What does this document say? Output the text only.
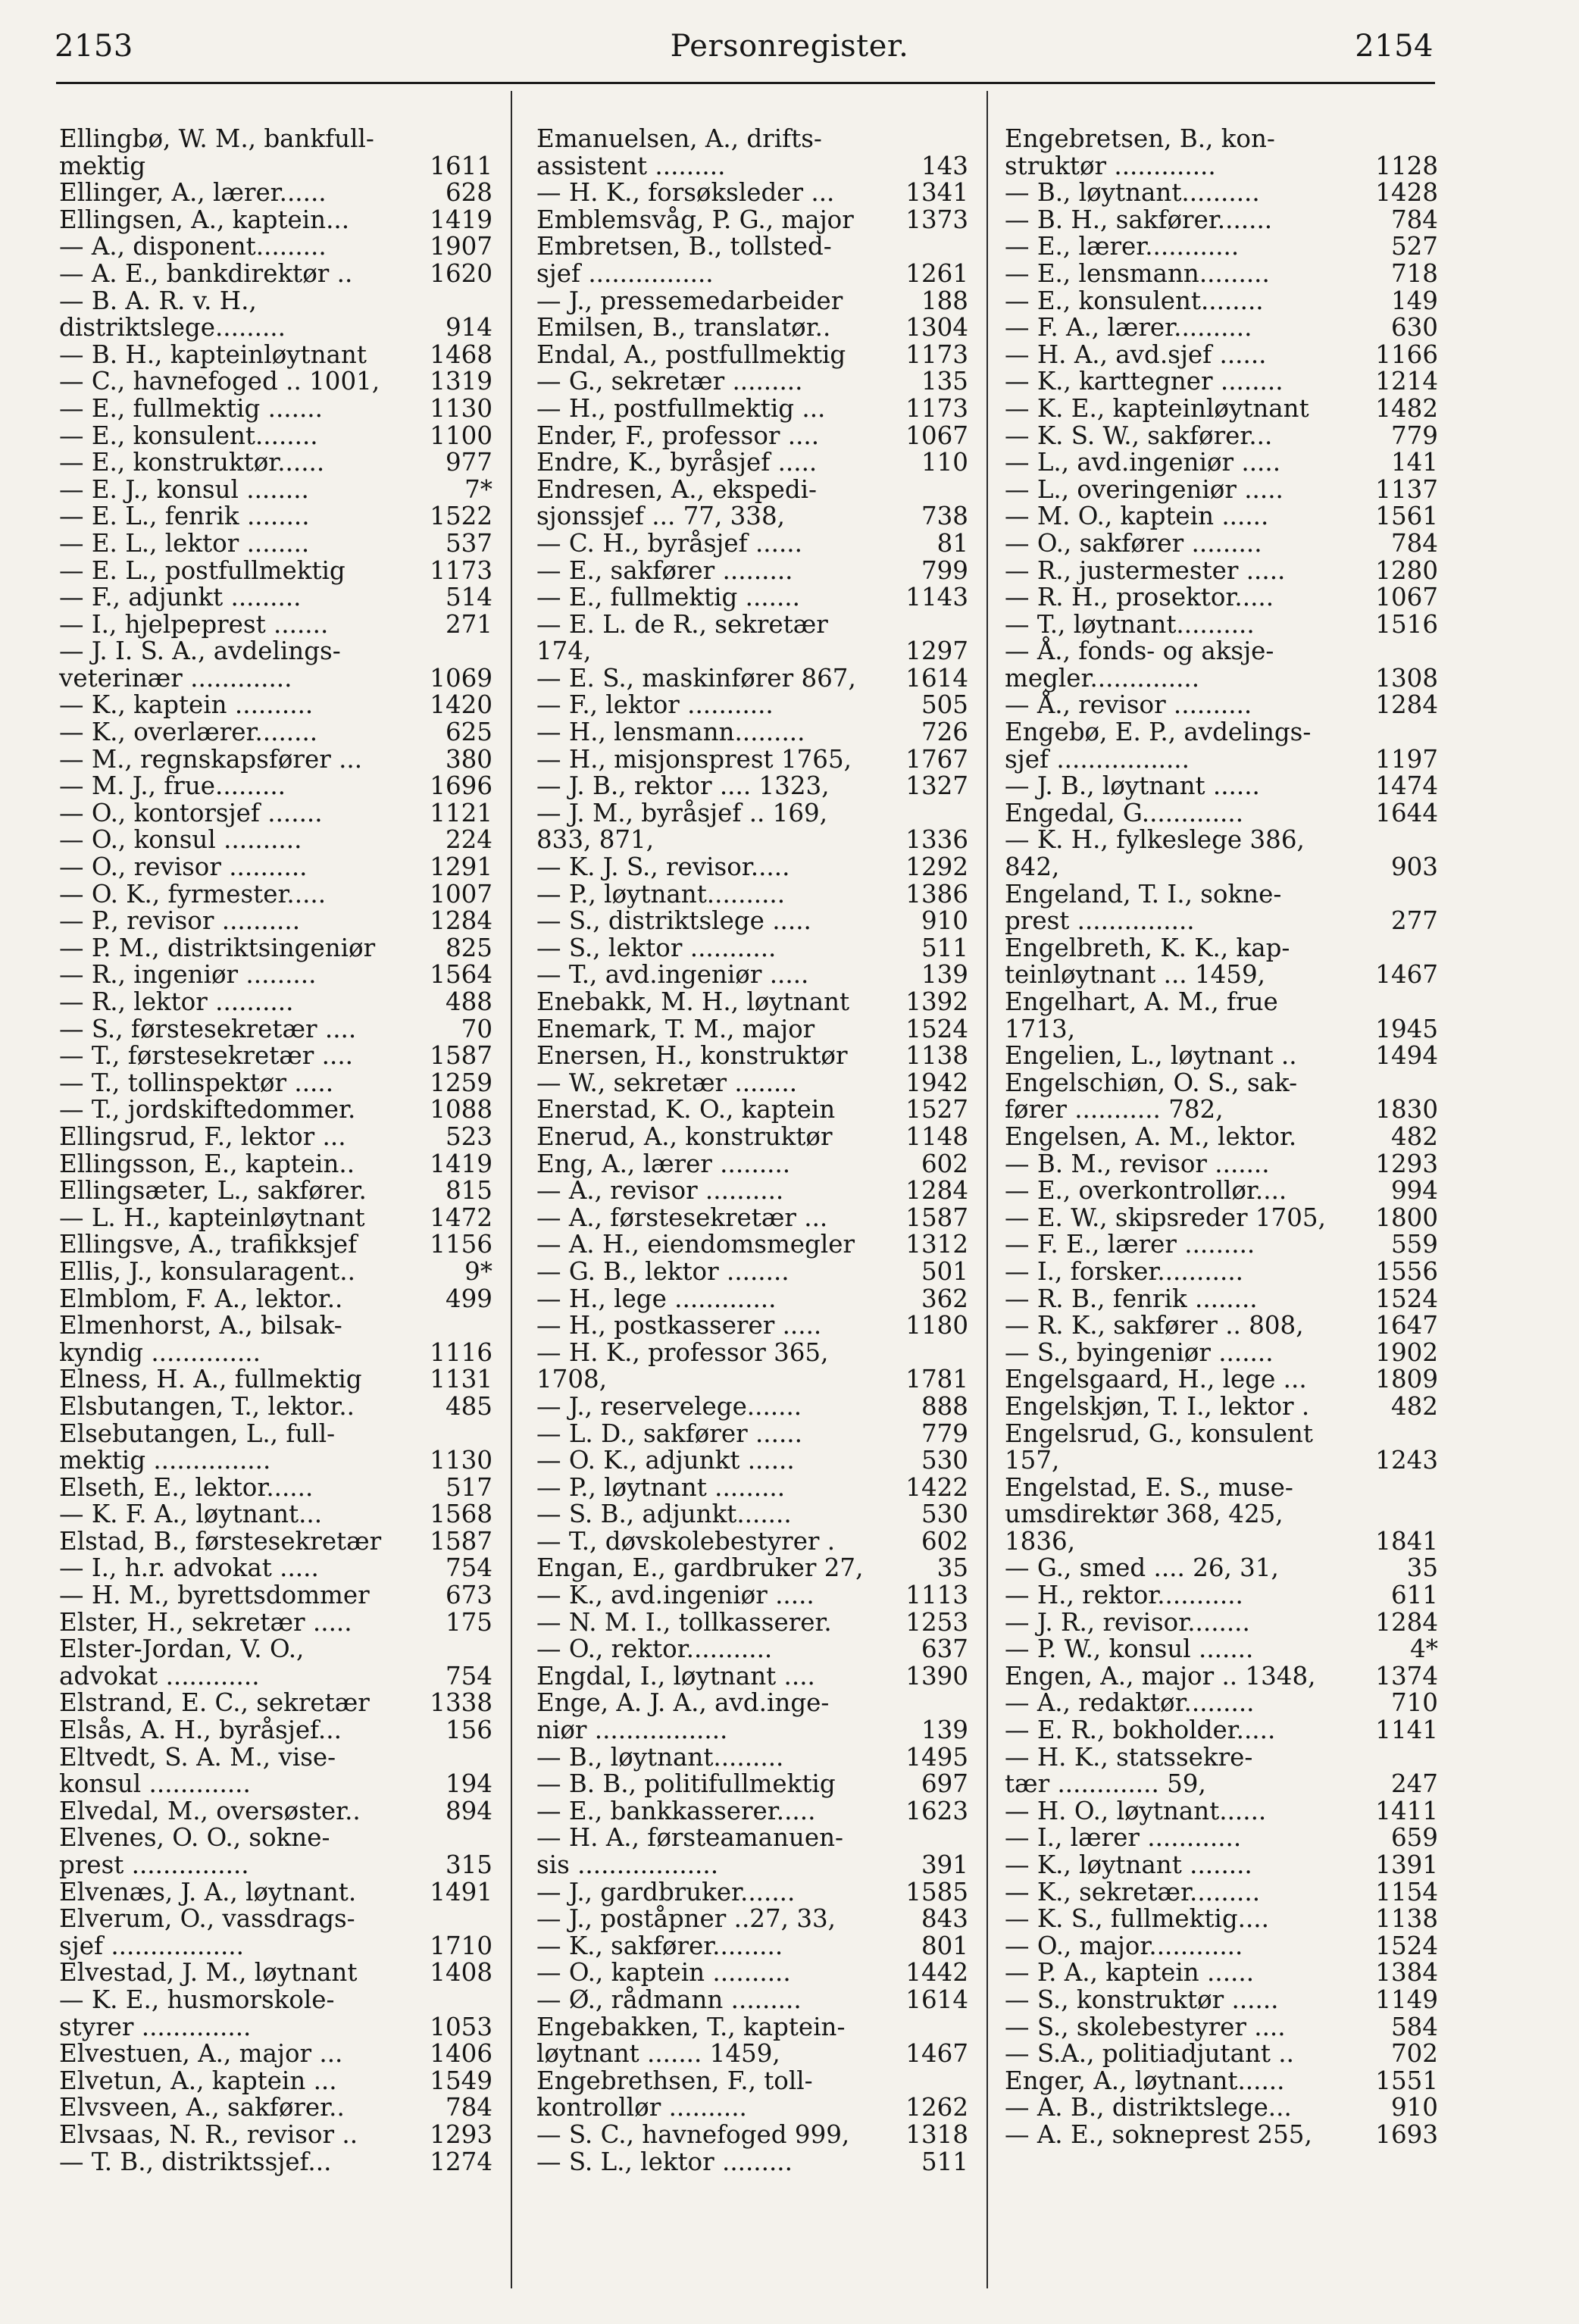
2153	Personregister.	2154
Ellingbø, W. M., bankfull-
mektig	1611
Ellinger, A., lærer......	628
Ellingsen, A., kaptein...	1419
— A., disponent.........	1907
— A. E., bankdirektør ..	1620
— B. A. R. v. H.,
distriktslege.........	914
— B. H., kapteinløytnant	1468
— C., havnefoged .. 1001,	1319
— E., fullmektig .......	1130
— E., konsulent........	1100
— E., konstruktør......	977
— E. J., konsul ........	7*
— E. L., fenrik ........	1522
— E. L., lektor ........	537
— E. L., postfullmektig	1173
— F., adjunkt .........	514
— I., hjelpeprest .......	271
— J. I. S. A., avdelings-
veterinær .............	1069
— K., kaptein ..........	1420
— K., overlærer........	625
— M., regnskapsfører ...	380
— M. J., frue.........	1696
— O., kontorsjef .......	1121
— O., konsul ..........	224
— O., revisor ..........	1291
— O. K., fyrmester.....	1007
— P., revisor ..........	1284
— P. M., distriktsingeniør	825
— R., ingeniør .........	1564
— R., lektor ..........	488
— S., førstesekretær ....	70
— T., førstesekretær ....	1587
— T., tollinspektør .....	1259
— T., jordskiftedommer.	1088
Ellingsrud, F., lektor ...	523
Ellingsson, E., kaptein..	1419
Ellingsæter, L., sakfører.	815
— L. H., kapteinløytnant	1472
Ellingsve, A., trafikksjef	1156
Ellis, J., konsularagent..	9*
Elmblom, F. A., lektor..	499
Elmenhorst, A., bilsak-
kyndig ..............	1116
Elness, H. A., fullmektig	1131
Elsbutangen, T., lektor..	485
Elsebutangen, L., full-
mektig ...............	1130
Elseth, E., lektor......	517
— K. F. A., løytnant...	1568
Elstad, B., førstesekretær	1587
— I., h.r. advokat .....	754
— H. M., byrettsdommer	673
Elster, H., sekretær .....	175
Elster-Jordan, V. O.,
advokat ............	754
Elstrand, E. C., sekretær	1338
Elsås, A. H., byråsjef...	156
Eltvedt, S. A. M., vise-
konsul .............	194
Elvedal, M., oversøster..	894
Elvenes, O. O., sokne-
prest ...............	315
Elvenæs, J. A., løytnant.	1491
Elverum, O., vassdrags-
sjef .................	1710
Elvestad, J. M., løytnant	1408
— K. E., husmorskole-
styrer ..............	1053
Elvestuen, A., major ...	1406
Elvetun, A., kaptein ...	1549
Elvsveen, A., sakfører..	784
Elvsaas, N. R., revisor ..	1293
— T. B., distriktssjef...	1274
Emanuelsen, A., drifts-
assistent .........	143
— H. K., forsøksleder ...	1341
Emblemsvåg, P. G., major	1373
Embretsen, B., tollsted-
sjef ................	1261
— J., pressemedarbeider	188
Emilsen, B., translatør..	1304
Endal, A., postfullmektig	1173
— G., sekretær .........	135
— H., postfullmektig ...	1173
Ender, F., professor ....	1067
Endre, K., byråsjef .....	110
Endresen, A., ekspedi-
sjonssjef ... 77, 338,	738
— C. H., byråsjef ......	81
— E., sakfører .........	799
— E., fullmektig .......	1143
— E. L. de R., sekretær
174,	1297
— E. S., maskinfører 867,	1614
— F., lektor ...........	505
— H., lensmann.........	726
— H., misjonsprest 1765,	1767
— J. B., rektor .... 1323,	1327
— J. M., byråsjef .. 169,
833, 871,	1336
— K. J. S., revisor.....	1292
— P., løytnant..........	1386
— S., distriktslege .....	910
— S., lektor ...........	511
— T., avd.ingeniør .....	139
Enebakk, M. H., løytnant	1392
Enemark, T. M., major	1524
Enersen, H., konstruktør	1138
— W., sekretær ........	1942
Enerstad, K. O., kaptein	1527
Enerud, A., konstruktør	1148
Eng, A., lærer .........	602
— A., revisor ..........	1284
— A., førstesekretær ...	1587
— A. H., eiendomsmegler	1312
— G. B., lektor ........	501
— H., lege .............	362
— H., postkasserer .....	1180
— H. K., professor 365,
1708,	1781
— J., reservelege.......	888
— L. D., sakfører ......	779
— O. K., adjunkt ......	530
— P., løytnant .........	1422
— S. B., adjunkt.......	530
— T., døvskolebestyrer .	602
Engan, E., gardbruker 27,	35
— K., avd.ingeniør .....	1113
— N. M. I., tollkasserer.	1253
— O., rektor...........	637
Engdal, I., løytnant ....	1390
Enge, A. J. A., avd.inge-
niør .................	139
— B., løytnant.........	1495
— B. B., politifullmektig	697
— E., bankkasserer.....	1623
— H. A., førsteamanuen-
sis ..................	391
— J., gardbruker.......	1585
— J., poståpner ..27, 33,	843
— K., sakfører.........	801
— O., kaptein ..........	1442
— Ø., rådmann .........	1614
Engebakken, T., kaptein-
løytnant ....... 1459,	1467
Engebrethsen, F., toll-
kontrollør ..........	1262
— S. C., havnefoged 999,	1318
— S. L., lektor .........	511
Engebretsen, B., kon-
struktør .............	1128
— B., løytnant..........	1428
— B. H., sakfører.......	784
— E., lærer............	527
— E., lensmann.........	718
— E., konsulent........	149
— F. A., lærer..........	630
— H. A., avd.sjef ......	1166
— K., karttegner ........	1214
— K. E., kapteinløytnant	1482
— K. S. W., sakfører...	779
— L., avd.ingeniør .....	141
— L., overingeniør .....	1137
— M. O., kaptein ......	1561
— O., sakfører .........	784
— R., justermester .....	1280
— R. H., prosektor.....	1067
— T., løytnant..........	1516
— Å., fonds- og aksje-
megler..............	1308
— Å., revisor ..........	1284
Engebø, E. P., avdelings-
sjef .................	1197
— J. B., løytnant ......	1474
Engedal, G.............	1644
— K. H., fylkeslege 386,
842,	903
Engeland, T. I., sokne-
prest ...............	277
Engelbreth, K. K., kap-
teinløytnant ... 1459,	1467
Engelhart, A. M., frue
1713,	1945
Engelien, L., løytnant ..	1494
Engelschiøn, O. S., sak-
fører ........... 782,	1830
Engelsen, A. M., lektor.	482
— B. M., revisor .......	1293
— E., overkontrollør....	994
— E. W., skipsreder 1705,	1800
— F. E., lærer .........	559
— I., forsker...........	1556
— R. B., fenrik ........	1524
— R. K., sakfører .. 808,	1647
— S., byingeniør .......	1902
Engelsgaard, H., lege ...	1809
Engelskjøn, T. I., lektor .	482
Engelsrud, G., konsulent
157,	1243
Engelstad, E. S., muse-
umsdirektør 368, 425,
1836,	1841
— G., smed .... 26, 31,	35
— H., rektor...........	611
— J. R., revisor........	1284
— P. W., konsul .......	4*
Engen, A., major .. 1348,	1374
— A., redaktør.........	710
— E. R., bokholder.....	1141
— H. K., statssekre-
tær ............. 59,	247
— H. O., løytnant......	1411
— I., lærer ............	659
— K., løytnant ........	1391
— K., sekretær.........	1154
— K. S., fullmektig....	1138
— O., major............	1524
— P. A., kaptein ......	1384
— S., konstruktør ......	1149
— S., skolebestyrer ....	584
— S.A., politiadjutant ..	702
Enger, A., løytnant......	1551
— A. B., distriktslege...	910
— A. E., sokneprest 255,	1693
